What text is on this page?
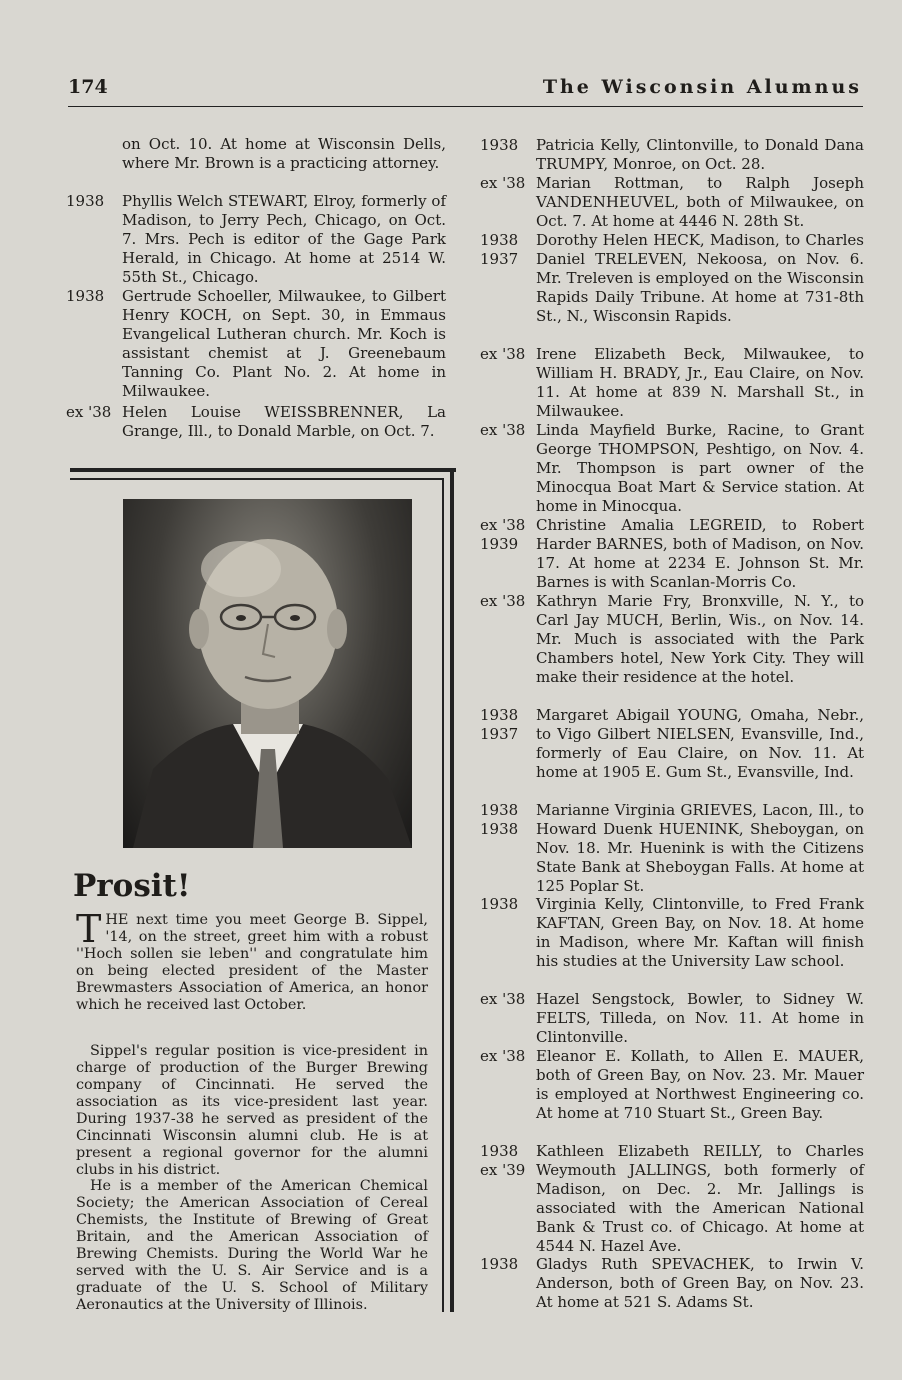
174	The Wisconsin Alumnus
on Oct. 10. At home at Wisconsin Dells, where Mr. Brown is a practicing attorney.
1938 Phyllis Welch STEWART, Elroy, formerly of Madison, to Jerry Pech, Chicago, on Oct. 7. Mrs. Pech is editor of the Gage Park Herald, in Chicago. At home at 2514 W. 55th St., Chicago.
1938 Gertrude Schoeller, Milwaukee, to Gilbert Henry KOCH, on Sept. 30, in Emmaus Evangelical Lutheran church. Mr. Koch is assistant chemist at J. Greenebaum Tanning Co. Plant No. 2. At home in Milwaukee.
ex '38 Helen Louise WEISSBRENNER, La Grange, Ill., to Donald Marble, on Oct. 7.
Prosit!
THE next time you meet George B. Sippel, '14, on the street, greet him with a robust ''Hoch sollen sie leben'' and congratulate him on being elected president of the Master Brewmasters Association of America, an honor which he received last October.
Sippel's regular position is vice-president in charge of production of the Burger Brewing company of Cincinnati. He served the association as its vice-president last year. During 1937-38 he served as president of the Cincinnati Wisconsin alumni club. He is at present a regional governor for the alumni clubs in his district.
He is a member of the American Chemical Society; the American Association of Cereal Chemists, the Institute of Brewing of Great Britain, and the American Association of Brewing Chemists. During the World War he served with the U. S. Air Service and is a graduate of the U. S. School of Military Aeronautics at the University of Illinois.
1938 Patricia Kelly, Clintonville, to Donald Dana TRUMPY, Monroe, on Oct. 28.
ex '38 Marian Rottman, to Ralph Joseph VANDENHEUVEL, both of Milwaukee, on Oct. 7. At home at 4446 N. 28th St.
1938
1937
Dorothy Helen HECK, Madison, to Charles Daniel TRELEVEN, Nekoosa, on Nov. 6. Mr. Treleven is employed on the Wisconsin Rapids Daily Tribune. At home at 731-8th St., N., Wisconsin Rapids.
ex '38 Irene Elizabeth Beck, Milwaukee, to William H. BRADY, Jr., Eau Claire, on Nov. 11. At home at 839 N. Marshall St., in Milwaukee.
ex '38 Linda Mayfield Burke, Racine, to Grant George THOMPSON, Peshtigo, on Nov. 4. Mr. Thompson is part owner of the Minocqua Boat Mart & Service station. At home in Minocqua.
ex '38
1939
Christine Amalia LEGREID, to Robert Harder BARNES, both of Madison, on Nov. 17. At home at 2234 E. Johnson St. Mr. Barnes is with Scanlan-Morris Co.
ex '38 Kathryn Marie Fry, Bronxville, N. Y., to Carl Jay MUCH, Berlin, Wis., on Nov. 14. Mr. Much is associated with the Park Chambers hotel, New York City. They will make their residence at the hotel.
1938
1937
Margaret Abigail YOUNG, Omaha, Nebr., to Vigo Gilbert NIELSEN, Evansville, Ind., formerly of Eau Claire, on Nov. 11. At home at 1905 E. Gum St., Evansville, Ind.
1938
1938
Marianne Virginia GRIEVES, Lacon, Ill., to Howard Duenk HUENINK, Sheboygan, on Nov. 18. Mr. Huenink is with the Citizens State Bank at Sheboygan Falls. At home at 125 Poplar St.
1938 Virginia Kelly, Clintonville, to Fred Frank KAFTAN, Green Bay, on Nov. 18. At home in Madison, where Mr. Kaftan will finish his studies at the University Law school.
ex '38 Hazel Sengstock, Bowler, to Sidney W. FELTS, Tilleda, on Nov. 11. At home in Clintonville.
ex '38 Eleanor E. Kollath, to Allen E. MAUER, both of Green Bay, on Nov. 23. Mr. Mauer is employed at Northwest Engineering co. At home at 710 Stuart St., Green Bay.
1938
ex '39
Kathleen Elizabeth REILLY, to Charles Weymouth JALLINGS, both formerly of Madison, on Dec. 2. Mr. Jallings is associated with the American National Bank & Trust co. of Chicago. At home at 4544 N. Hazel Ave.
1938 Gladys Ruth SPEVACHEK, to Irwin V. Anderson, both of Green Bay, on Nov. 23. At home at 521 S. Adams St.
